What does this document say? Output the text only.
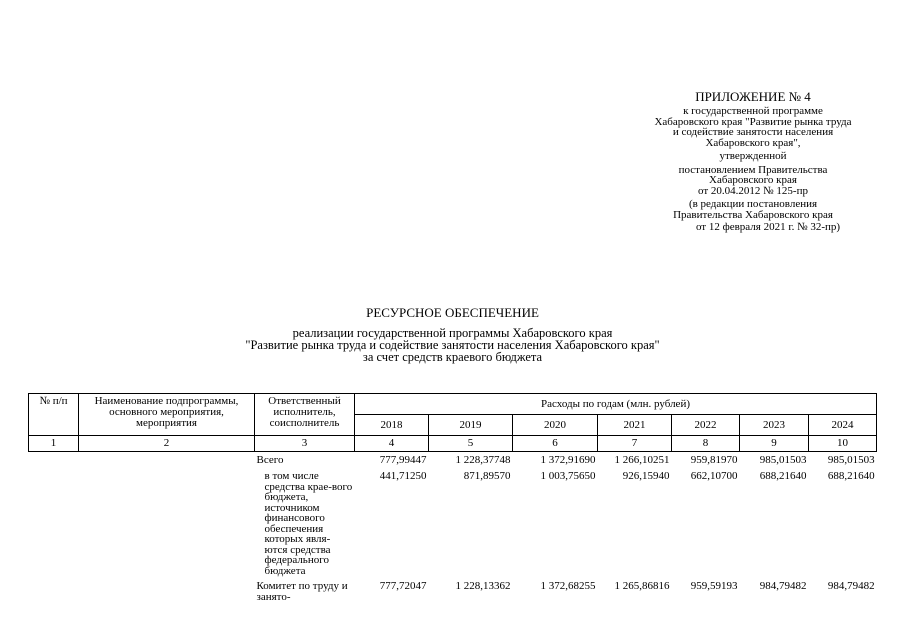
ПРИЛОЖЕНИЕ № 4
к государственной программе
Хабаровского края "Развитие рынка труда
и содействие занятости населения
Хабаровского края",
утвержденной
постановлением Правительства
Хабаровского края
от 20.04.2012 № 125-пр
(в редакции постановления
Правительства Хабаровского края
от 12 февраля 2021 г. № 32-пр)
РЕСУРСНОЕ ОБЕСПЕЧЕНИЕ
реализации государственной программы Хабаровского края
"Развитие рынка труда и содействие занятости населения Хабаровского края"
за счет средств краевого бюджета
№ п/п	Наименование подпрограммы, основного мероприятия, мероприятия	Ответственный исполнитель, соисполнитель	Расходы по годам (млн. рублей)						
			2018	2019	2020	2021	2022	2023	2024
1	2	3	4	5	6	7	8	9	10
		Всего	777,99447	1 228,37748	1 372,91690	1 266,10251	959,81970	985,01503	985,01503
		в том числе средства крае-вого бюджета, источником финансового обеспечения которых явля-ются средства федерального бюджета	441,71250	871,89570	1 003,75650	926,15940	662,10700	688,21640	688,21640
		Комитет по труду и занято-	777,72047	1 228,13362	1 372,68255	1 265,86816	959,59193	984,79482	984,79482
